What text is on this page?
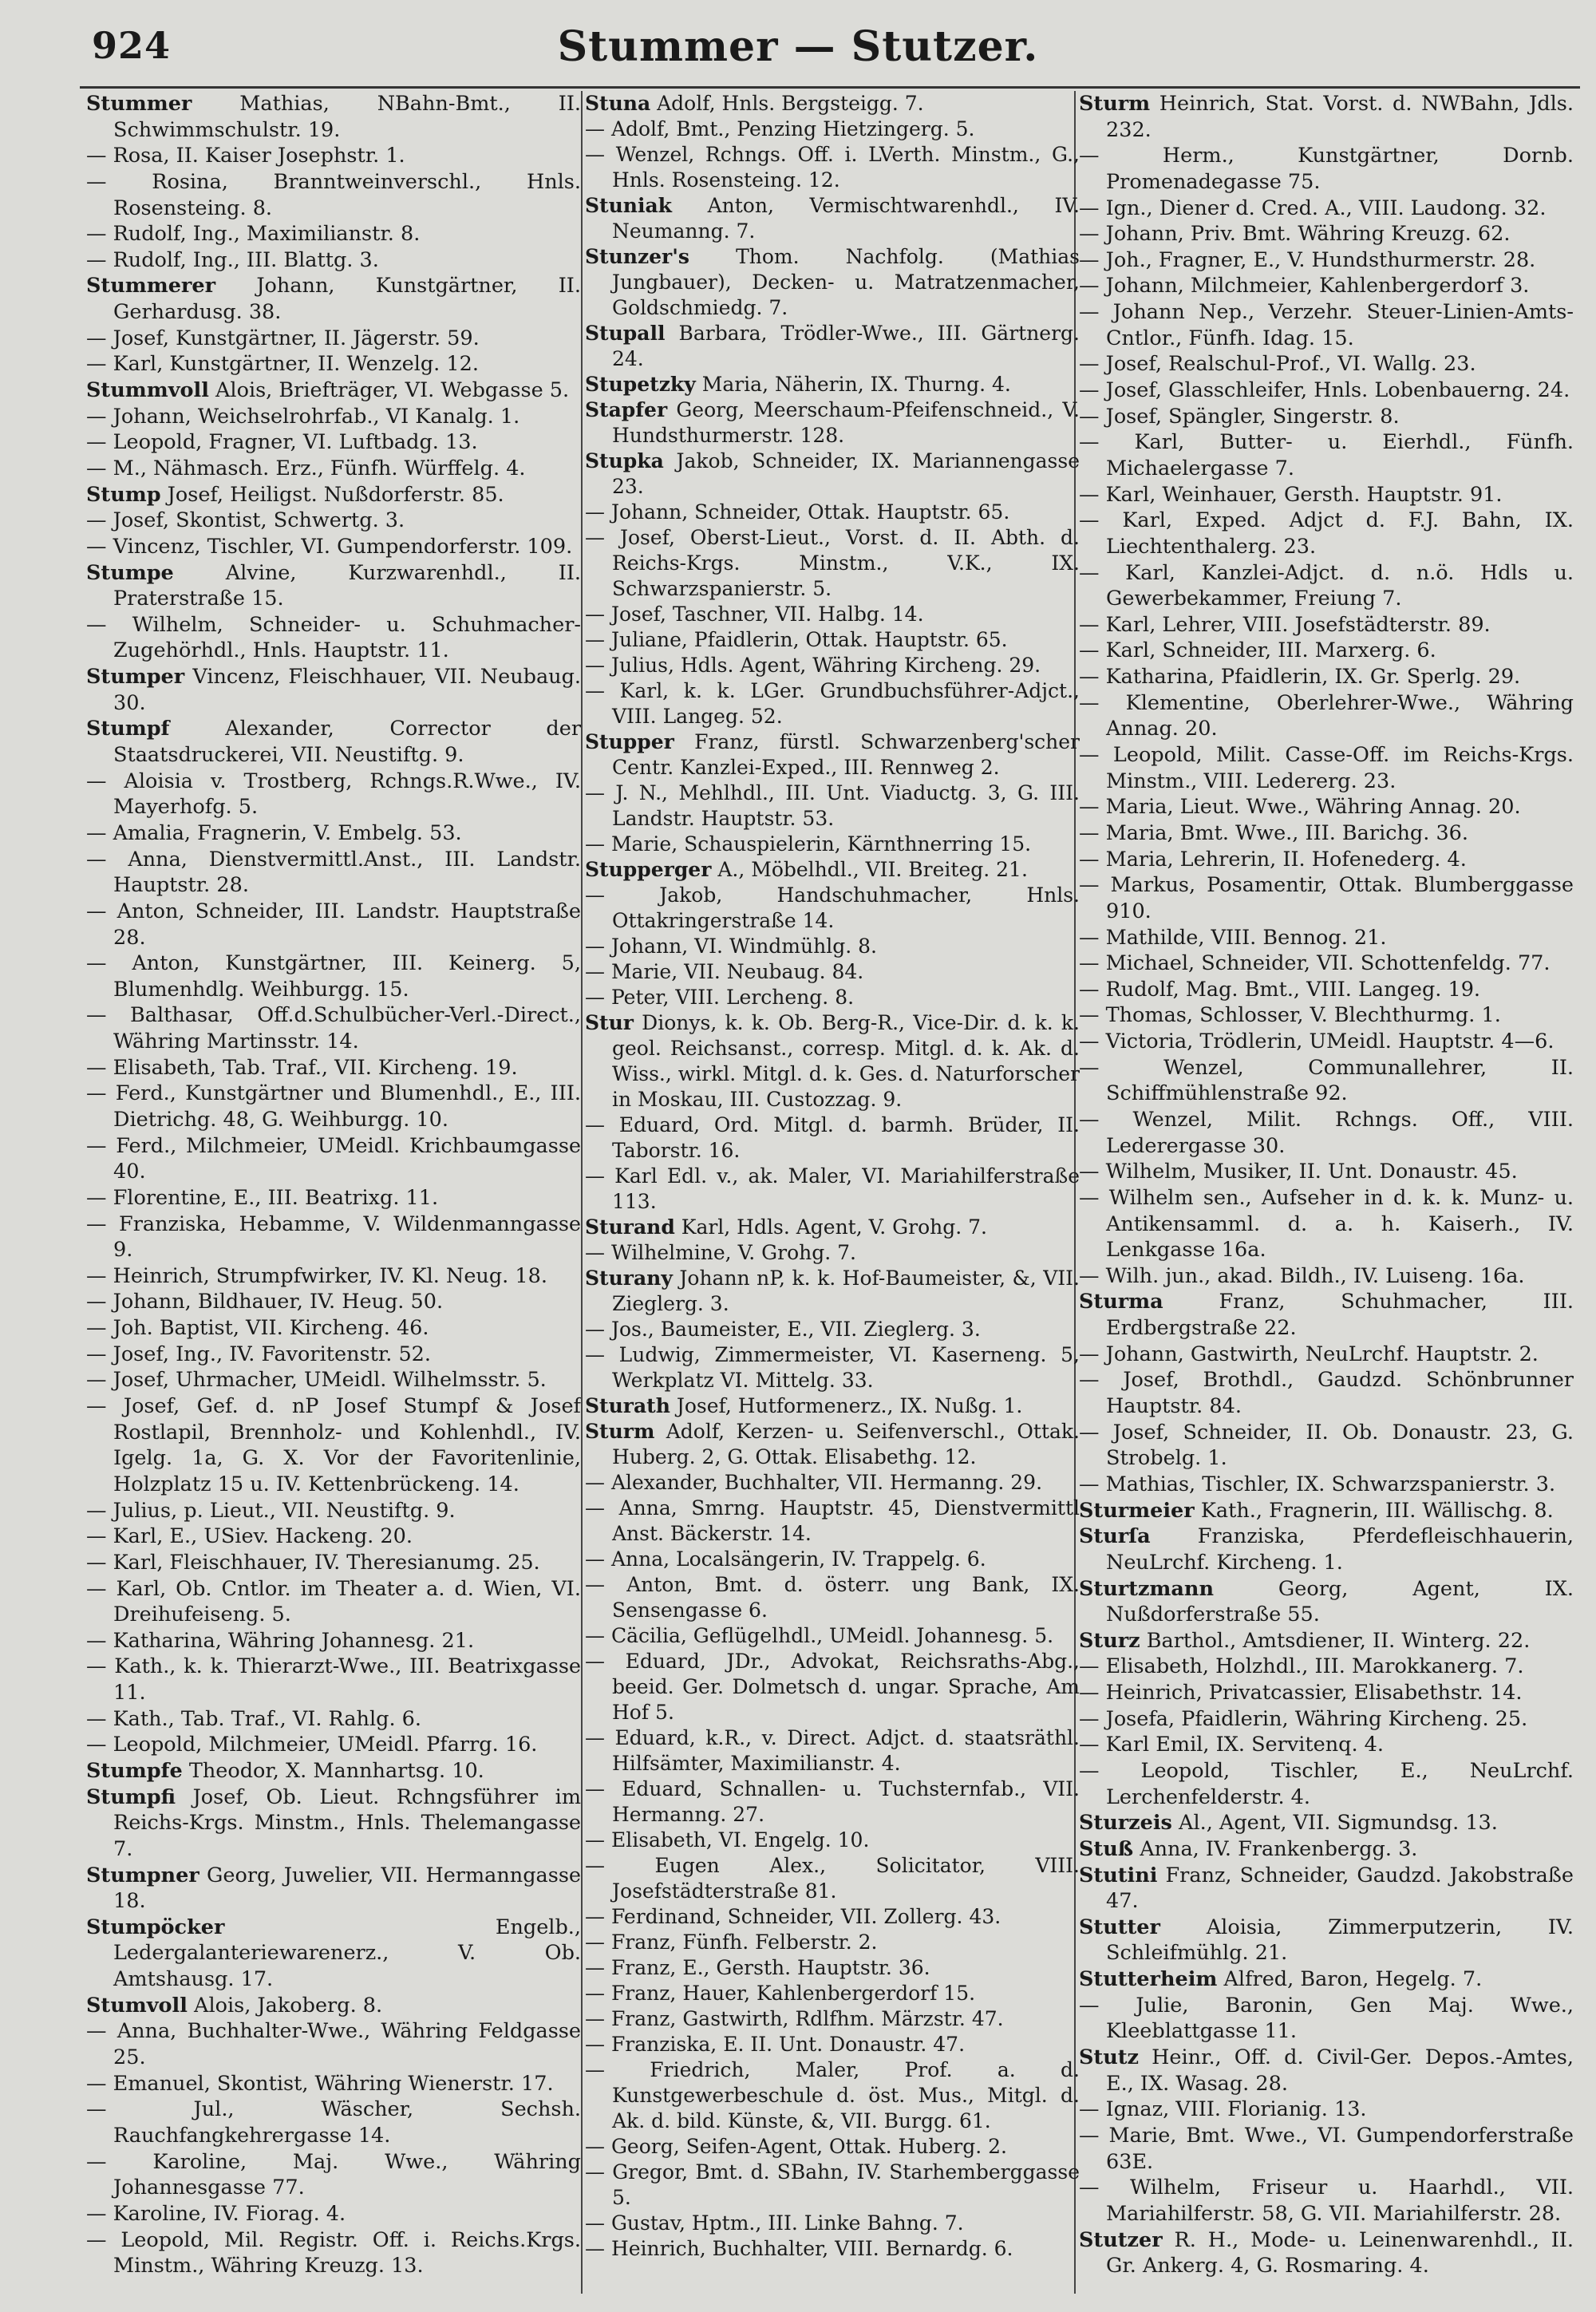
924	Stummer — Stutzer.

Stummer Mathias, NBahn-Bmt., II. Schwimmschulstr. 19.

— Rosa, II. Kaiser Josephstr. 1.

— Rosina, Branntweinverschl., Hnls. Rosensteing. 8.

— Rudolf, Ing., Maximilianstr. 8.

— Rudolf, Ing., III. Blattg. 3.

Stummerer Johann, Kunstgärtner, II. Gerhardusg. 38.

— Josef, Kunstgärtner, II. Jägerstr. 59.

— Karl, Kunstgärtner, II. Wenzelg. 12.

Stummvoll Alois, Briefträger, VI. Webgasse 5.

— Johann, Weichselrohrfab., VI Kanalg. 1.

— Leopold, Fragner, VI. Luftbadg. 13.

— M., Nähmasch. Erz., Fünfh. Würffelg. 4.

Stump Josef, Heiligst. Nußdorferstr. 85.

— Josef, Skontist, Schwertg. 3.

— Vincenz, Tischler, VI. Gumpendorferstr. 109.

Stumpe	Alvine, Kurzwarenhdl., II. Praterstraße 15.

— Wilhelm, Schneider- u. Schuhmacher-Zugehörhdl., Hnls. Hauptstr. 11.

Stumper Vincenz, Fleischhauer, VII. Neubaug. 30.

Stumpf	Alexander, Corrector der Staatsdruckerei, VII. Neustiftg. 9.

— Aloisia v. Trostberg, Rchngs.R.Wwe., IV. Mayerhofg. 5.

— Amalia, Fragnerin, V. Embelg. 53.

— Anna, Dienstvermittl.Anst., III. Landstr. Hauptstr. 28.

— Anton, Schneider, III. Landstr. Hauptstraße 28.

— Anton, Kunstgärtner, III. Keinerg. 5, Blumenhdlg. Weihburgg. 15.

— Balthasar, Off.d.Schulbücher-Verl.-Direct., Währing Martinsstr. 14.

— Elisabeth, Tab. Traf., VII. Kircheng. 19.

— Ferd., Kunstgärtner und Blumenhdl., E., III. Dietrichg. 48, G. Weihburgg. 10.

— Ferd., Milchmeier, UMeidl. Krichbaumgasse 40.

— Florentine, E., III. Beatrixg. 11.

— Franziska, Hebamme, V. Wildenmanngasse 9.

— Heinrich, Strumpfwirker, IV. Kl. Neug. 18.

— Johann, Bildhauer, IV. Heug. 50.

— Joh. Baptist, VII. Kircheng. 46.

— Josef, Ing., IV. Favoritenstr. 52.

— Josef, Uhrmacher, UMeidl. Wilhelmsstr. 5.

— Josef, Gef. d. nP Josef Stumpf & Josef Rostlapil, Brennholz- und Kohlenhdl., IV. Igelg. 1a, G. X. Vor der Favoritenlinie, Holzplatz 15 u. IV. Kettenbrückeng. 14.

— Julius, p. Lieut., VII. Neustiftg. 9.

— Karl, E., USiev. Hackeng. 20.

— Karl, Fleischhauer, IV. Theresianumg. 25.

— Karl, Ob. Cntlor. im Theater a. d. Wien, VI. Dreihufeiseng. 5.

— Katharina, Währing Johannesg. 21.

— Kath., k. k. Thierarzt-Wwe., III. Beatrixgasse 11.

— Kath., Tab. Traf., VI. Rahlg. 6.

— Leopold, Milchmeier, UMeidl. Pfarrg. 16.

Stumpfe Theodor, X. Mannhartsg. 10.

Stumpfi Josef, Ob. Lieut. Rchngsführer im Reichs-Krgs. Minstm., Hnls. Thelemangasse 7.

Stumpner Georg, Juwelier, VII. Hermanngasse 18.

Stumpöcker	Engelb., Ledergalanteriewarenerz., V. Ob. Amtshausg. 17.

Stumvoll Alois, Jakoberg. 8.

— Anna, Buchhalter-Wwe., Währing Feldgasse 25.

— Emanuel, Skontist, Währing Wienerstr. 17.

— Jul., Wäscher, Sechsh. Rauchfangkehrergasse 14.

— Karoline, Maj. Wwe., Währing Johannesgasse 77.

— Karoline, IV. Fiorag. 4.

— Leopold, Mil. Registr. Off. i. Reichs.Krgs. Minstm., Währing Kreuzg. 13.

Stuna Adolf, Hnls. Bergsteigg. 7.

— Adolf, Bmt., Penzing Hietzingerg. 5.

— Wenzel, Rchngs. Off. i. LVerth. Minstm., G., Hnls. Rosensteing. 12.

Stuniak Anton, Vermischtwarenhdl., IV. Neumanng. 7.

Stunzer's Thom. Nachfolg. (Mathias Jungbauer), Decken- u. Matratzenmacher, Goldschmiedg. 7.

Stupall Barbara, Trödler-Wwe., III. Gärtnerg. 24.

Stupetzky Maria, Näherin, IX. Thurng. 4.

Stapfer Georg, Meerschaum-Pfeifenschneid., V. Hundsthurmerstr. 128.

Stupka Jakob, Schneider, IX. Mariannengasse 23.

— Johann, Schneider, Ottak. Hauptstr. 65.

— Josef, Oberst-Lieut., Vorst. d. II. Abth. d. Reichs-Krgs. Minstm., V.K., IX. Schwarzspanierstr. 5.

— Josef, Taschner, VII. Halbg. 14.

— Juliane, Pfaidlerin, Ottak. Hauptstr. 65.

— Julius, Hdls. Agent, Währing Kircheng. 29.

— Karl, k. k. LGer. Grundbuchsführer-Adjct., VIII. Langeg. 52.

Stupper Franz, fürstl. Schwarzenberg'scher Centr. Kanzlei-Exped., III. Rennweg 2.

— J. N., Mehlhdl., III. Unt. Viaductg. 3, G. III. Landstr. Hauptstr. 53.

— Marie, Schauspielerin, Kärnthnerring 15.

Stupperger A., Möbelhdl., VII. Breiteg. 21.

— Jakob, Handschuhmacher, Hnls. Ottakringerstraße 14.

— Johann, VI. Windmühlg. 8.

— Marie, VII. Neubaug. 84.

— Peter, VIII. Lercheng. 8.

Stur Dionys, k. k. Ob. Berg-R., Vice-Dir. d. k. k. geol. Reichsanst., corresp. Mitgl. d. k. Ak. d. Wiss., wirkl. Mitgl. d. k. Ges. d. Naturforscher in Moskau, III. Custozzag. 9.

— Eduard, Ord. Mitgl. d. barmh. Brüder, II. Taborstr. 16.

— Karl Edl. v., ak. Maler, VI. Mariahilferstraße 113.

Sturand Karl, Hdls. Agent, V. Grohg. 7.

— Wilhelmine, V. Grohg. 7.

Sturany Johann nP, k. k. Hof-Baumeister, &, VII. Zieglerg. 3.

— Jos., Baumeister, E., VII. Zieglerg. 3.

— Ludwig, Zimmermeister, VI. Kaserneng. 5, Werkplatz VI. Mittelg. 33.

Sturath Josef, Hutformenerz., IX. Nußg. 1.

Sturm Adolf, Kerzen- u. Seifenverschl., Ottak. Huberg. 2, G. Ottak. Elisabethg. 12.

— Alexander, Buchhalter, VII. Hermanng. 29.

— Anna, Smrng. Hauptstr. 45, Dienstvermittl Anst. Bäckerstr. 14.

— Anna, Localsängerin, IV. Trappelg. 6.

— Anton, Bmt. d. österr. ung Bank, IX. Sensengasse 6.

— Cäcilia, Geflügelhdl., UMeidl. Johannesg. 5.

— Eduard, JDr., Advokat, Reichsraths-Abg., beeid. Ger. Dolmetsch d. ungar. Sprache, Am Hof 5.

— Eduard, k.R., v. Direct. Adjct. d. staatsräthl. Hilfsämter, Maximilianstr. 4.

— Eduard, Schnallen- u. Tuchsternfab., VII. Hermanng. 27.

— Elisabeth, VI. Engelg. 10.

— Eugen Alex., Solicitator, VIII. Josefstädterstraße 81.

— Ferdinand, Schneider, VII. Zollerg. 43.

— Franz, Fünfh. Felberstr. 2.

— Franz, E., Gersth. Hauptstr. 36.

— Franz, Hauer, Kahlenbergerdorf 15.

— Franz, Gastwirth, Rdlfhm. Märzstr. 47.

— Franziska, E. II. Unt. Donaustr. 47.

— Friedrich, Maler, Prof. a. d. Kunstgewerbeschule d. öst. Mus., Mitgl. d. Ak. d. bild. Künste, &, VII. Burgg. 61.

— Georg, Seifen-Agent, Ottak. Huberg. 2.

— Gregor, Bmt. d. SBahn, IV. Starhemberggasse 5.

— Gustav, Hptm., III. Linke Bahng. 7.

— Heinrich, Buchhalter, VIII. Bernardg. 6.

Sturm Heinrich, Stat. Vorst. d. NWBahn, Jdls. 232.

— Herm., Kunstgärtner, Dornb. Promenadegasse 75.

— Ign., Diener d. Cred. A., VIII. Laudong. 32.

— Johann, Priv. Bmt. Währing Kreuzg. 62.

— Joh., Fragner, E., V. Hundsthurmerstr. 28.

— Johann, Milchmeier, Kahlenbergerdorf 3.

— Johann Nep., Verzehr. Steuer-Linien-Amts-Cntlor., Fünfh. Idag. 15.

— Josef, Realschul-Prof., VI. Wallg. 23.

— Josef, Glasschleifer, Hnls. Lobenbauerng. 24.

— Josef, Spängler, Singerstr. 8.

— Karl, Butter- u. Eierhdl., Fünfh. Michaelergasse 7.

— Karl, Weinhauer, Gersth. Hauptstr. 91.

— Karl, Exped. Adjct d. F.J. Bahn, IX. Liechtenthalerg. 23.

— Karl, Kanzlei-Adjct. d. n.ö. Hdls u. Gewerbekammer, Freiung 7.

— Karl, Lehrer, VIII. Josefstädterstr. 89.

— Karl, Schneider, III. Marxerg. 6.

— Katharina, Pfaidlerin, IX. Gr. Sperlg. 29.

— Klementine, Oberlehrer-Wwe., Währing Annag. 20.

— Leopold, Milit. Casse-Off. im Reichs-Krgs. Minstm., VIII. Ledererg. 23.

— Maria, Lieut. Wwe., Währing Annag. 20.

— Maria, Bmt. Wwe., III. Barichg. 36.

— Maria, Lehrerin, II. Hofenederg. 4.

— Markus, Posamentir, Ottak. Blumberggasse 910.

— Mathilde, VIII. Bennog. 21.

— Michael, Schneider, VII. Schottenfeldg. 77.

— Rudolf, Mag. Bmt., VIII. Langeg. 19.

— Thomas, Schlosser, V. Blechthurmg. 1.

— Victoria, Trödlerin, UMeidl. Hauptstr. 4—6.

— Wenzel, Communallehrer, II. Schiffmühlenstraße 92.

— Wenzel, Milit. Rchngs. Off., VIII. Lederergasse 30.

— Wilhelm, Musiker, II. Unt. Donaustr. 45.

— Wilhelm sen., Aufseher in d. k. k. Munz- u. Antikensamml. d. a. h. Kaiserh., IV. Lenkgasse 16a.

— Wilh. jun., akad. Bildh., IV. Luiseng. 16a.

Sturma	Franz, Schuhmacher, III. Erdbergstraße 22.

— Johann, Gastwirth, NeuLrchf. Hauptstr. 2.

— Josef, Brothdl., Gaudzd. Schönbrunner Hauptstr. 84.

— Josef, Schneider, II. Ob. Donaustr. 23, G. Strobelg. 1.

— Mathias, Tischler, IX. Schwarzspanierstr. 3.

Sturmeier Kath., Fragnerin, III. Wällischg. 8.

Sturſa Franziska, Pferdefleischhauerin, NeuLrchf. Kircheng. 1.

Sturtzmann	Georg, Agent, IX. Nußdorferstraße 55.

Sturz Barthol., Amtsdiener, II. Winterg. 22.

— Elisabeth, Holzhdl., III. Marokkanerg. 7.

— Heinrich, Privatcassier, Elisabethstr. 14.

— Josefa, Pfaidlerin, Währing Kircheng. 25.

— Karl Emil, IX. Servitenq. 4.

— Leopold, Tischler, E., NeuLrchf. Lerchenfelderstr. 4.

Sturzeis Al., Agent, VII. Sigmundsg. 13.

Stuß Anna, IV. Frankenbergg. 3.

Stutini Franz, Schneider, Gaudzd. Jakobstraße 47.

Stutter Aloisia, Zimmerputzerin, IV. Schleifmühlg. 21.

Stutterheim Alfred, Baron, Hegelg. 7.

— Julie, Baronin, Gen Maj. Wwe., Kleeblattgasse 11.

Stutz Heinr., Off. d. Civil-Ger. Depos.-Amtes, E., IX. Wasag. 28.

— Ignaz, VIII. Florianig. 13.

— Marie, Bmt. Wwe., VI. Gumpendorferstraße 63E.

— Wilhelm, Friseur u. Haarhdl., VII. Mariahilferstr. 58, G. VII. Mariahilferstr. 28.

Stutzer R. H., Mode- u. Leinenwarenhdl., II. Gr. Ankerg. 4, G. Rosmaring. 4.
